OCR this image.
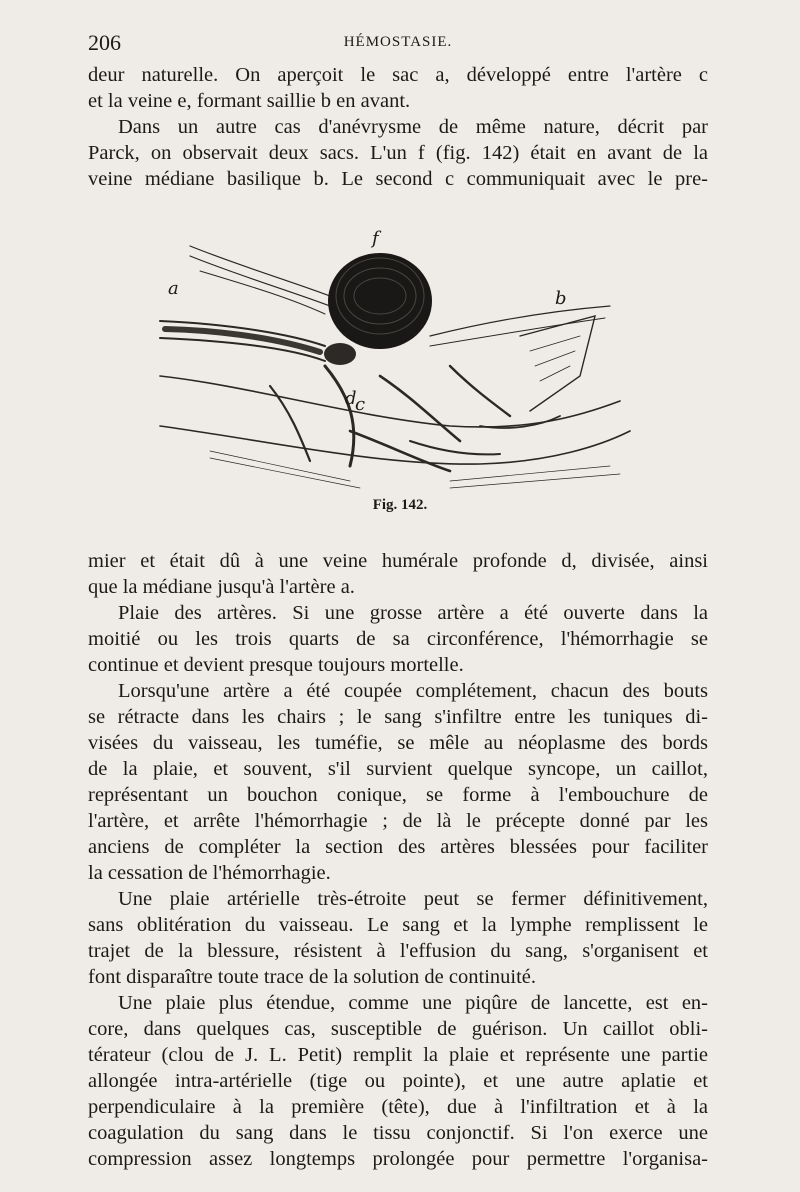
206	HÉMOSTASIE.
deur naturelle. On aperçoit le sac a, développé entre l'artère c
et la veine e, formant saillie b en avant.
Dans un autre cas d'anévrysme de même nature, décrit par
Parck, on observait deux sacs. L'un f (fig. 142) était en avant de la
veine médiane basilique b. Le second c communiquait avec le pre-
f
a	b
d
c
Fig. 142.
mier et était dû à une veine humérale profonde d, divisée, ainsi
que la médiane jusqu'à l'artère a.
Plaie des artères. Si une grosse artère a été ouverte dans la
moitié ou les trois quarts de sa circonférence, l'hémorrhagie se
continue et devient presque toujours mortelle.
Lorsqu'une artère a été coupée complétement, chacun des bouts
se rétracte dans les chairs ; le sang s'infiltre entre les tuniques di-
visées du vaisseau, les tuméfie, se mêle au néoplasme des bords
de la plaie, et souvent, s'il survient quelque syncope, un caillot,
représentant un bouchon conique, se forme à l'embouchure de
l'artère, et arrête l'hémorrhagie ; de là le précepte donné par les
anciens de compléter la section des artères blessées pour faciliter
la cessation de l'hémorrhagie.
Une plaie artérielle très-étroite peut se fermer définitivement,
sans oblitération du vaisseau. Le sang et la lymphe remplissent le
trajet de la blessure, résistent à l'effusion du sang, s'organisent et
font disparaître toute trace de la solution de continuité.
Une plaie plus étendue, comme une piqûre de lancette, est en-
core, dans quelques cas, susceptible de guérison. Un caillot obli-
térateur (clou de J. L. Petit) remplit la plaie et représente une partie
allongée intra-artérielle (tige ou pointe), et une autre aplatie et
perpendiculaire à la première (tête), due à l'infiltration et à la
coagulation du sang dans le tissu conjonctif. Si l'on exerce une
compression assez longtemps prolongée pour permettre l'organisa-
